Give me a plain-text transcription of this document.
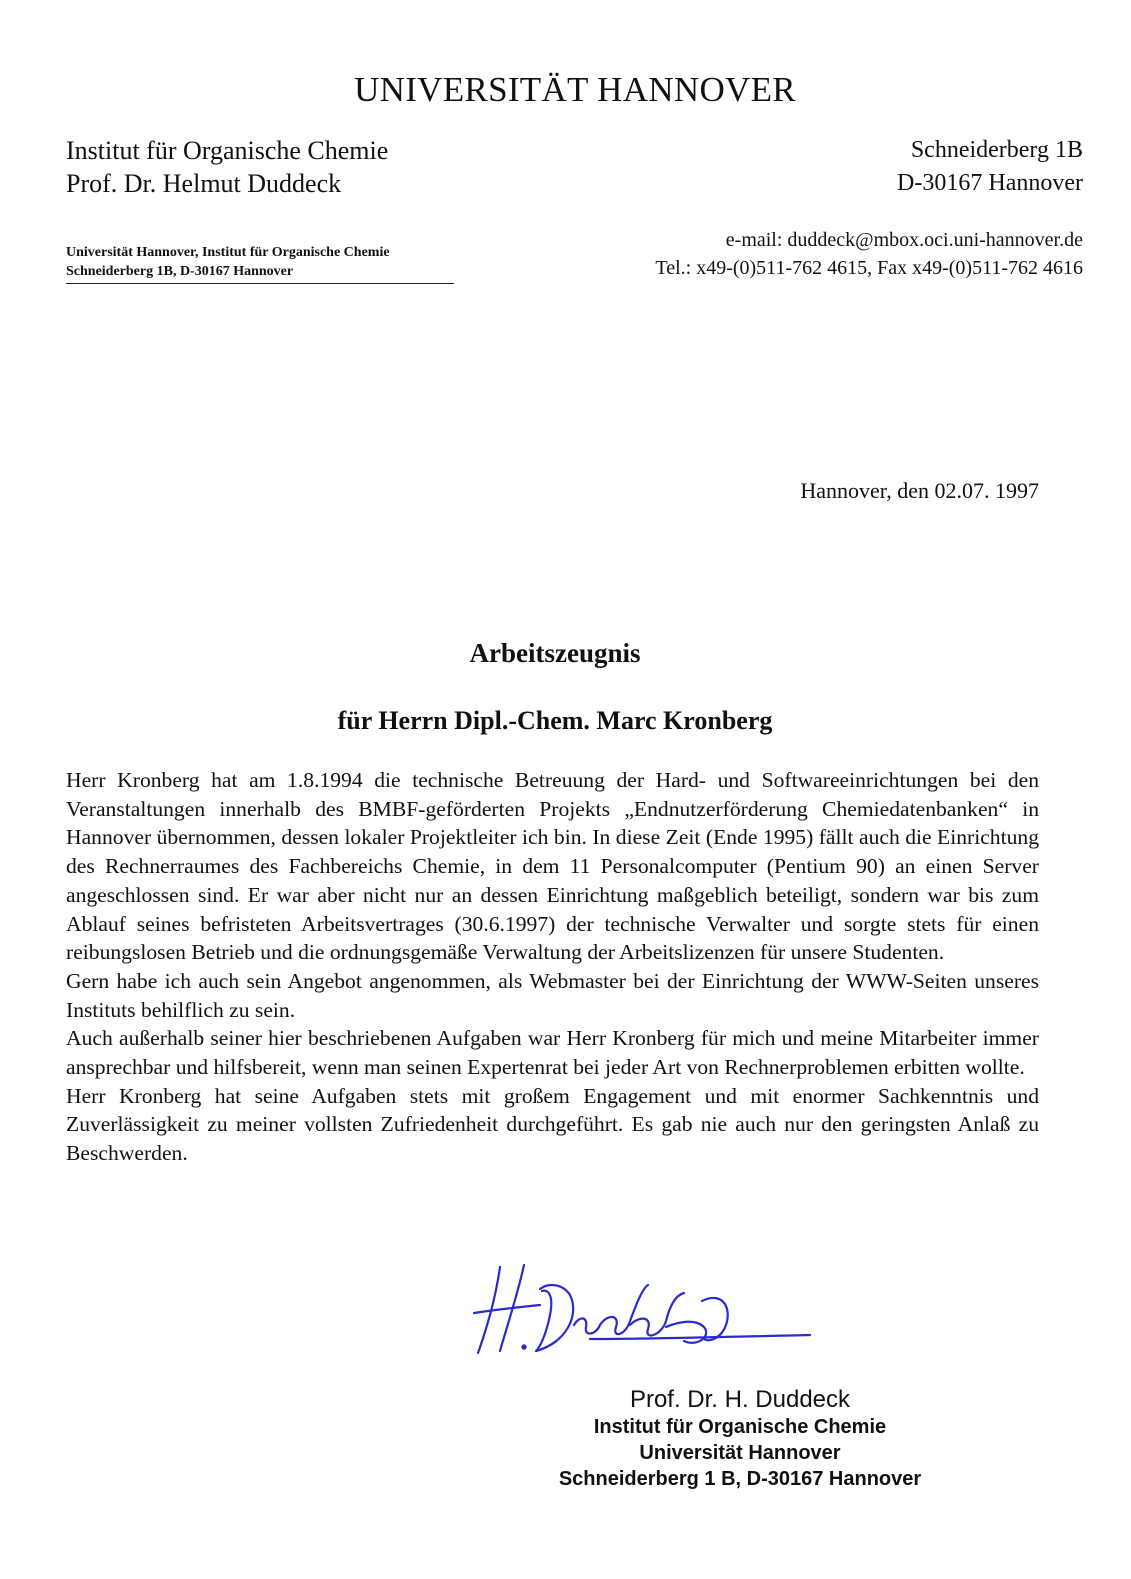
UNIVERSITÄT HANNOVER
Institut für Organische Chemie
Prof. Dr. Helmut Duddeck
Schneiderberg 1B
D-30167 Hannover
Universität Hannover, Institut für Organische Chemie
Schneiderberg 1B, D-30167 Hannover
e-mail: duddeck@mbox.oci.uni-hannover.de
Tel.: x49-(0)511-762 4615, Fax x49-(0)511-762 4616
Hannover, den 02.07. 1997
Arbeitszeugnis
für Herrn Dipl.-Chem. Marc Kronberg

Herr Kronberg hat am 1.8.1994 die technische Betreuung der Hard- und Softwareeinrichtungen bei den Veranstaltungen innerhalb des BMBF-geförderten Projekts „Endnutzerförderung Chemiedatenbanken“ in Hannover übernommen, dessen lokaler Projektleiter ich bin. In diese Zeit (Ende 1995) fällt auch die Einrichtung des Rechnerraumes des Fachbereichs Chemie, in dem 11 Personalcomputer (Pentium 90) an einen Server angeschlossen sind. Er war aber nicht nur an dessen Einrichtung maßgeblich beteiligt, sondern war bis zum Ablauf seines befristeten Arbeitsvertrages (30.6.1997) der technische Verwalter und sorgte stets für einen reibungslosen Betrieb und die ordnungsgemäße Verwaltung der Arbeitslizenzen für unsere Studenten.

Gern habe ich auch sein Angebot angenommen, als Webmaster bei der Einrichtung der WWW-Seiten unseres Instituts behilflich zu sein.

Auch außerhalb seiner hier beschriebenen Aufgaben war Herr Kronberg für mich und meine Mitarbeiter immer ansprechbar und hilfsbereit, wenn man seinen Expertenrat bei jeder Art von Rechnerproblemen erbitten wollte.

Herr Kronberg hat seine Aufgaben stets mit großem Engagement und mit enormer Sachkenntnis und Zuverlässigkeit zu meiner vollsten Zufriedenheit durchgeführt. Es gab nie auch nur den geringsten Anlaß zu Beschwerden.

Prof. Dr. H. Duddeck
Institut für Organische Chemie
Universität Hannover
Schneiderberg 1 B, D-30167 Hannover
